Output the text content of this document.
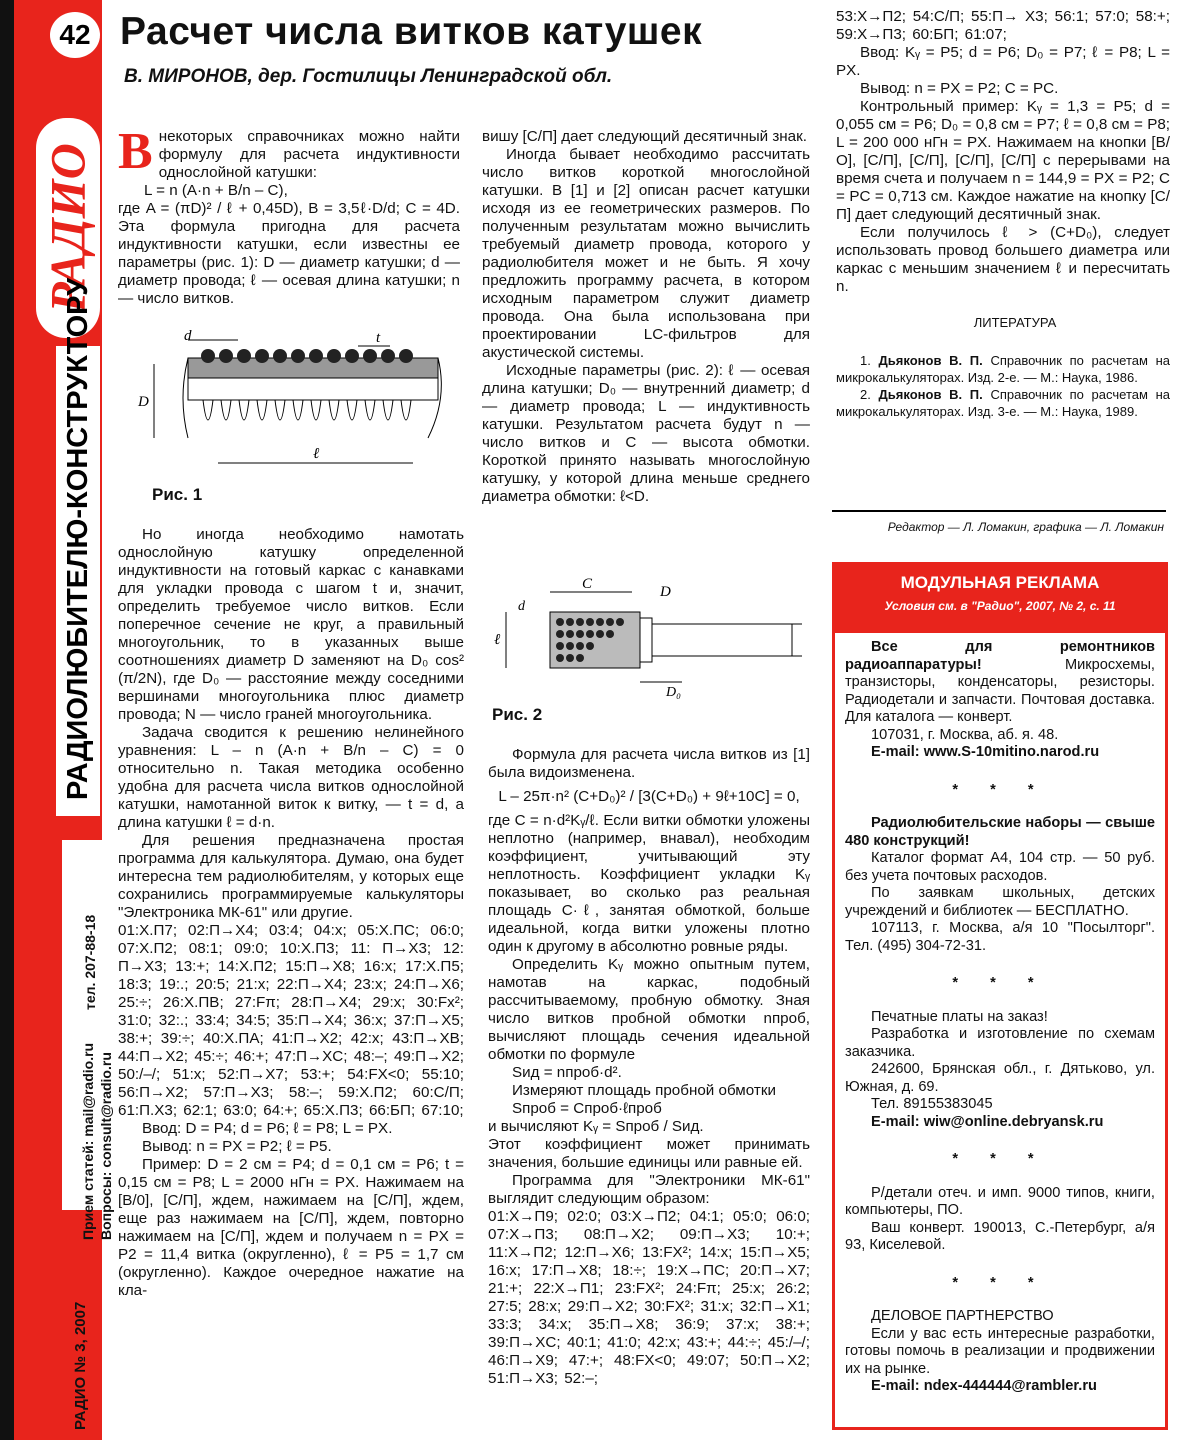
42
РАДИО
РАДИОЛЮБИТЕЛЮ-КОНСТРУКТОРУ
тел. 207-88-18
Прием статей: mail@radio.ru Вопросы: consult@radio.ru
РАДИО № 3, 2007
Расчет числа витков катушек
В. МИРОНОВ, дер. Гостилицы Ленинградской обл.

Внекоторых справочниках можно найти формулу для расчета индуктивности однослойной катушки:

L = n (A·n + B/n – C),

где A = (πD)² / ℓ + 0,45D), B = 3,5ℓ·D/d; C = 4D. Эта формула пригодна для расчета индуктивности катушки, если известны ее параметры (рис. 1): D — диаметр катушки; d — диаметр провода; ℓ — осевая длина катушки; n — число витков.

d	t
D
ℓ
Рис. 1

Но иногда необходимо намотать однослойную катушку определенной индуктивности на готовый каркас с канавками для укладки провода с шагом t и, значит, определить требуемое число витков. Если поперечное сечение не круг, а правильный многоугольник, то в указанных выше соотношениях диаметр D заменяют на D₀ cos² (π/2N), где D₀ — расстояние между соседними вершинами многоугольника плюс диаметр провода; N — число граней многоугольника.

Задача сводится к решению нелинейного уравнения: L – n (A·n + B/n – C) = 0 относительно n. Такая методика особенно удобна для расчета числа витков однослойной катушки, намотанной виток к витку, — t = d, а длина катушки ℓ = d·n.

Для решения предназначена простая программа для калькулятора. Думаю, она будет интересна тем радиолюбителям, у которых еще сохранились программируемые калькуляторы "Электроника МК-61" или другие.

01:X.П7; 02:П→X4; 03:4; 04:x; 05:X.ПC; 06:0; 07:X.П2; 08:1; 09:0; 10:X.П3; 11: П→X3; 12: П→X3; 13:+; 14:X.П2; 15:П→X8; 16:x; 17:X.П5; 18:3; 19:.; 20:5; 21:x; 22:П→X4; 23:x; 24:П→X6; 25:÷; 26:X.ПB; 27:Fπ; 28:П→X4; 29:x; 30:Fx²; 31:0; 32:.; 33:4; 34:5; 35:П→X4; 36:x; 37:П→X5; 38:+; 39:÷; 40:X.ПA; 41:П→X2; 42:x; 43:П→XB; 44:П→X2; 45:÷; 46:+; 47:П→XC; 48:–; 49:П→X2; 50:/–/; 51:x; 52:П→X7; 53:+; 54:FX<0; 55:10; 56:П→X2; 57:П→X3; 58:–; 59:X.П2; 60:C/П; 61:П.X3; 62:1; 63:0; 64:+; 65:X.П3; 66:БП; 67:10;

Ввод: D = P4; d = P6; ℓ = P8; L = PX.

Вывод: n = PX = P2; ℓ = P5.

Пример: D = 2 см = P4; d = 0,1 см = P6; t = 0,15 см = P8; L = 2000 нГн = PX. Нажимаем на [В/0], [С/П], ждем, нажимаем на [С/П], ждем, еще раз нажимаем на [С/П], ждем, повторно нажимаем на [С/П], ждем и получаем n = PX = P2 = 11,4 витка (округленно), ℓ = P5 = 1,7 см (округленно). Каждое очередное нажатие на кла-

вишу [С/П] дает следующий десятичный знак.

Иногда бывает необходимо рассчитать число витков короткой многослойной катушки. В [1] и [2] описан расчет катушки исходя из ее геометрических размеров. По полученным результатам можно вычислить требуемый диаметр провода, которого у радиолюбителя может и не быть. Я хочу предложить программу расчета, в котором исходным параметром служит диаметр провода. Она была использована при проектировании LC-фильтров для акустической системы.

Исходные параметры (рис. 2): ℓ — осевая длина катушки; D₀ — внутренний диаметр; d — диаметр провода; L — индуктивность катушки. Результатом расчета будут n — число витков и C — высота обмотки. Короткой принято называть многослойную катушку, у которой длина меньше среднего диаметра обмотки: ℓ<D.

C	D
d
ℓ
D₀
Рис. 2

Формула для расчета числа витков из [1] была видоизменена.

L – 25π·n² (C+D₀)² / [3(C+D₀) + 9ℓ+10C] = 0,

где C = n·d²Kᵧ/ℓ. Если витки обмотки уложены неплотно (например, внавал), необходим коэффициент, учитывающий эту неплотность. Коэффициент укладки Kᵧ показывает, во сколько раз реальная площадь C·ℓ, занятая обмоткой, больше идеальной, когда витки уложены плотно один к другому в абсолютно ровные ряды.

Определить Kᵧ можно опытным путем, намотав на каркас, подобный рассчитываемому, пробную обмотку. Зная число витков пробной обмотки nпроб, вычисляют площадь сечения идеальной обмотки по формуле

Sид = nпроб·d².

Измеряют площадь пробной обмотки

Sпроб = Cпроб·ℓпроб

и вычисляют Kᵧ = Sпроб / Sид.

Этот коэффициент может принимать значения, большие единицы или равные ей.

Программа для "Электроники МК-61" выглядит следующим образом:

01:X→П9; 02:0; 03:X→П2; 04:1; 05:0; 06:0; 07:X→П3; 08:П→X2; 09:П→X3; 10:+; 11:X→П2; 12:П→X6; 13:FX²; 14:x; 15:П→X5; 16:x; 17:П→X8; 18:÷; 19:X→ПC; 20:П→X7; 21:+; 22:X→П1; 23:FX²; 24:Fπ; 25:x; 26:2; 27:5; 28:x; 29:П→X2; 30:FX²; 31:x; 32:П→X1; 33:3; 34:x; 35:П→X8; 36:9; 37:x; 38:+; 39:П→XC; 40:1; 41:0; 42:x; 43:+; 44:÷; 45:/–/; 46:П→X9; 47:+; 48:FX<0; 49:07; 50:П→X2; 51:П→X3; 52:–;

53:X→П2; 54:C/П; 55:П→ X3; 56:1; 57:0; 58:+; 59:X→П3; 60:БП; 61:07;

Ввод: Kᵧ = P5; d = P6; D₀ = P7; ℓ = P8; L = PX.

Вывод: n = PX = P2; C = PC.

Контрольный пример: Kᵧ = 1,3 = P5; d = 0,055 см = P6; D₀ = 0,8 см = P7; ℓ = 0,8 см = P8; L = 200 000 нГн = PX. Нажимаем на кнопки [В/О], [С/П], [С/П], [С/П], [С/П] с перерывами на время счета и получаем n = 144,9 = PX = P2; C = PC = 0,713 см. Каждое нажатие на кнопку [С/П] дает следующий десятичный знак.

Если получилось ℓ > (C+D₀), следует использовать провод большего диаметра или каркас с меньшим значением ℓ и пересчитать n.

ЛИТЕРАТУРА

1. Дьяконов В. П. Справочник по расчетам на микрокалькуляторах. Изд. 2-е. — М.: Наука, 1986.

2. Дьяконов В. П. Справочник по расчетам на микрокалькуляторах. Изд. 3-е. — М.: Наука, 1989.

Редактор — Л. Ломакин, графика — Л. Ломакин
МОДУЛЬНАЯ РЕКЛАМА
Условия см. в "Радио", 2007, № 2, с. 11

Все для ремонтников радиоаппаратуры!	Микросхемы, транзисторы, конденсаторы, резисторы. Радиодетали и запчасти. Почтовая доставка. Для каталога — конверт.

107031, г. Москва, аб. я. 48.

E-mail: www.S-10mitino.narod.ru

* * *

Радиолюбительские наборы — свыше 480 конструкций!

Каталог формат А4, 104 стр. — 50 руб. без учета почтовых расходов.

По заявкам школьных, детских учреждений и библиотек — БЕСПЛАТНО.

107113, г. Москва, а/я 10 "Посылторг". Тел. (495) 304-72-31.

* * *

Печатные платы на заказ!

Разработка и изготовление по схемам заказчика.

242600, Брянская обл., г. Дятьково, ул. Южная, д. 69.

Тел. 89155383045

E-mail: wiw@online.debryansk.ru

* * *

Р/детали отеч. и имп. 9000 типов, книги, компьютеры, ПО.

Ваш конверт. 190013, С.-Петербург, а/я 93, Киселевой.

* * *

ДЕЛОВОЕ ПАРТНЕРСТВО

Если у вас есть интересные разработки, готовы помочь в реализации и продвижении их на рынке.

E-mail: ndex-444444@rambler.ru
